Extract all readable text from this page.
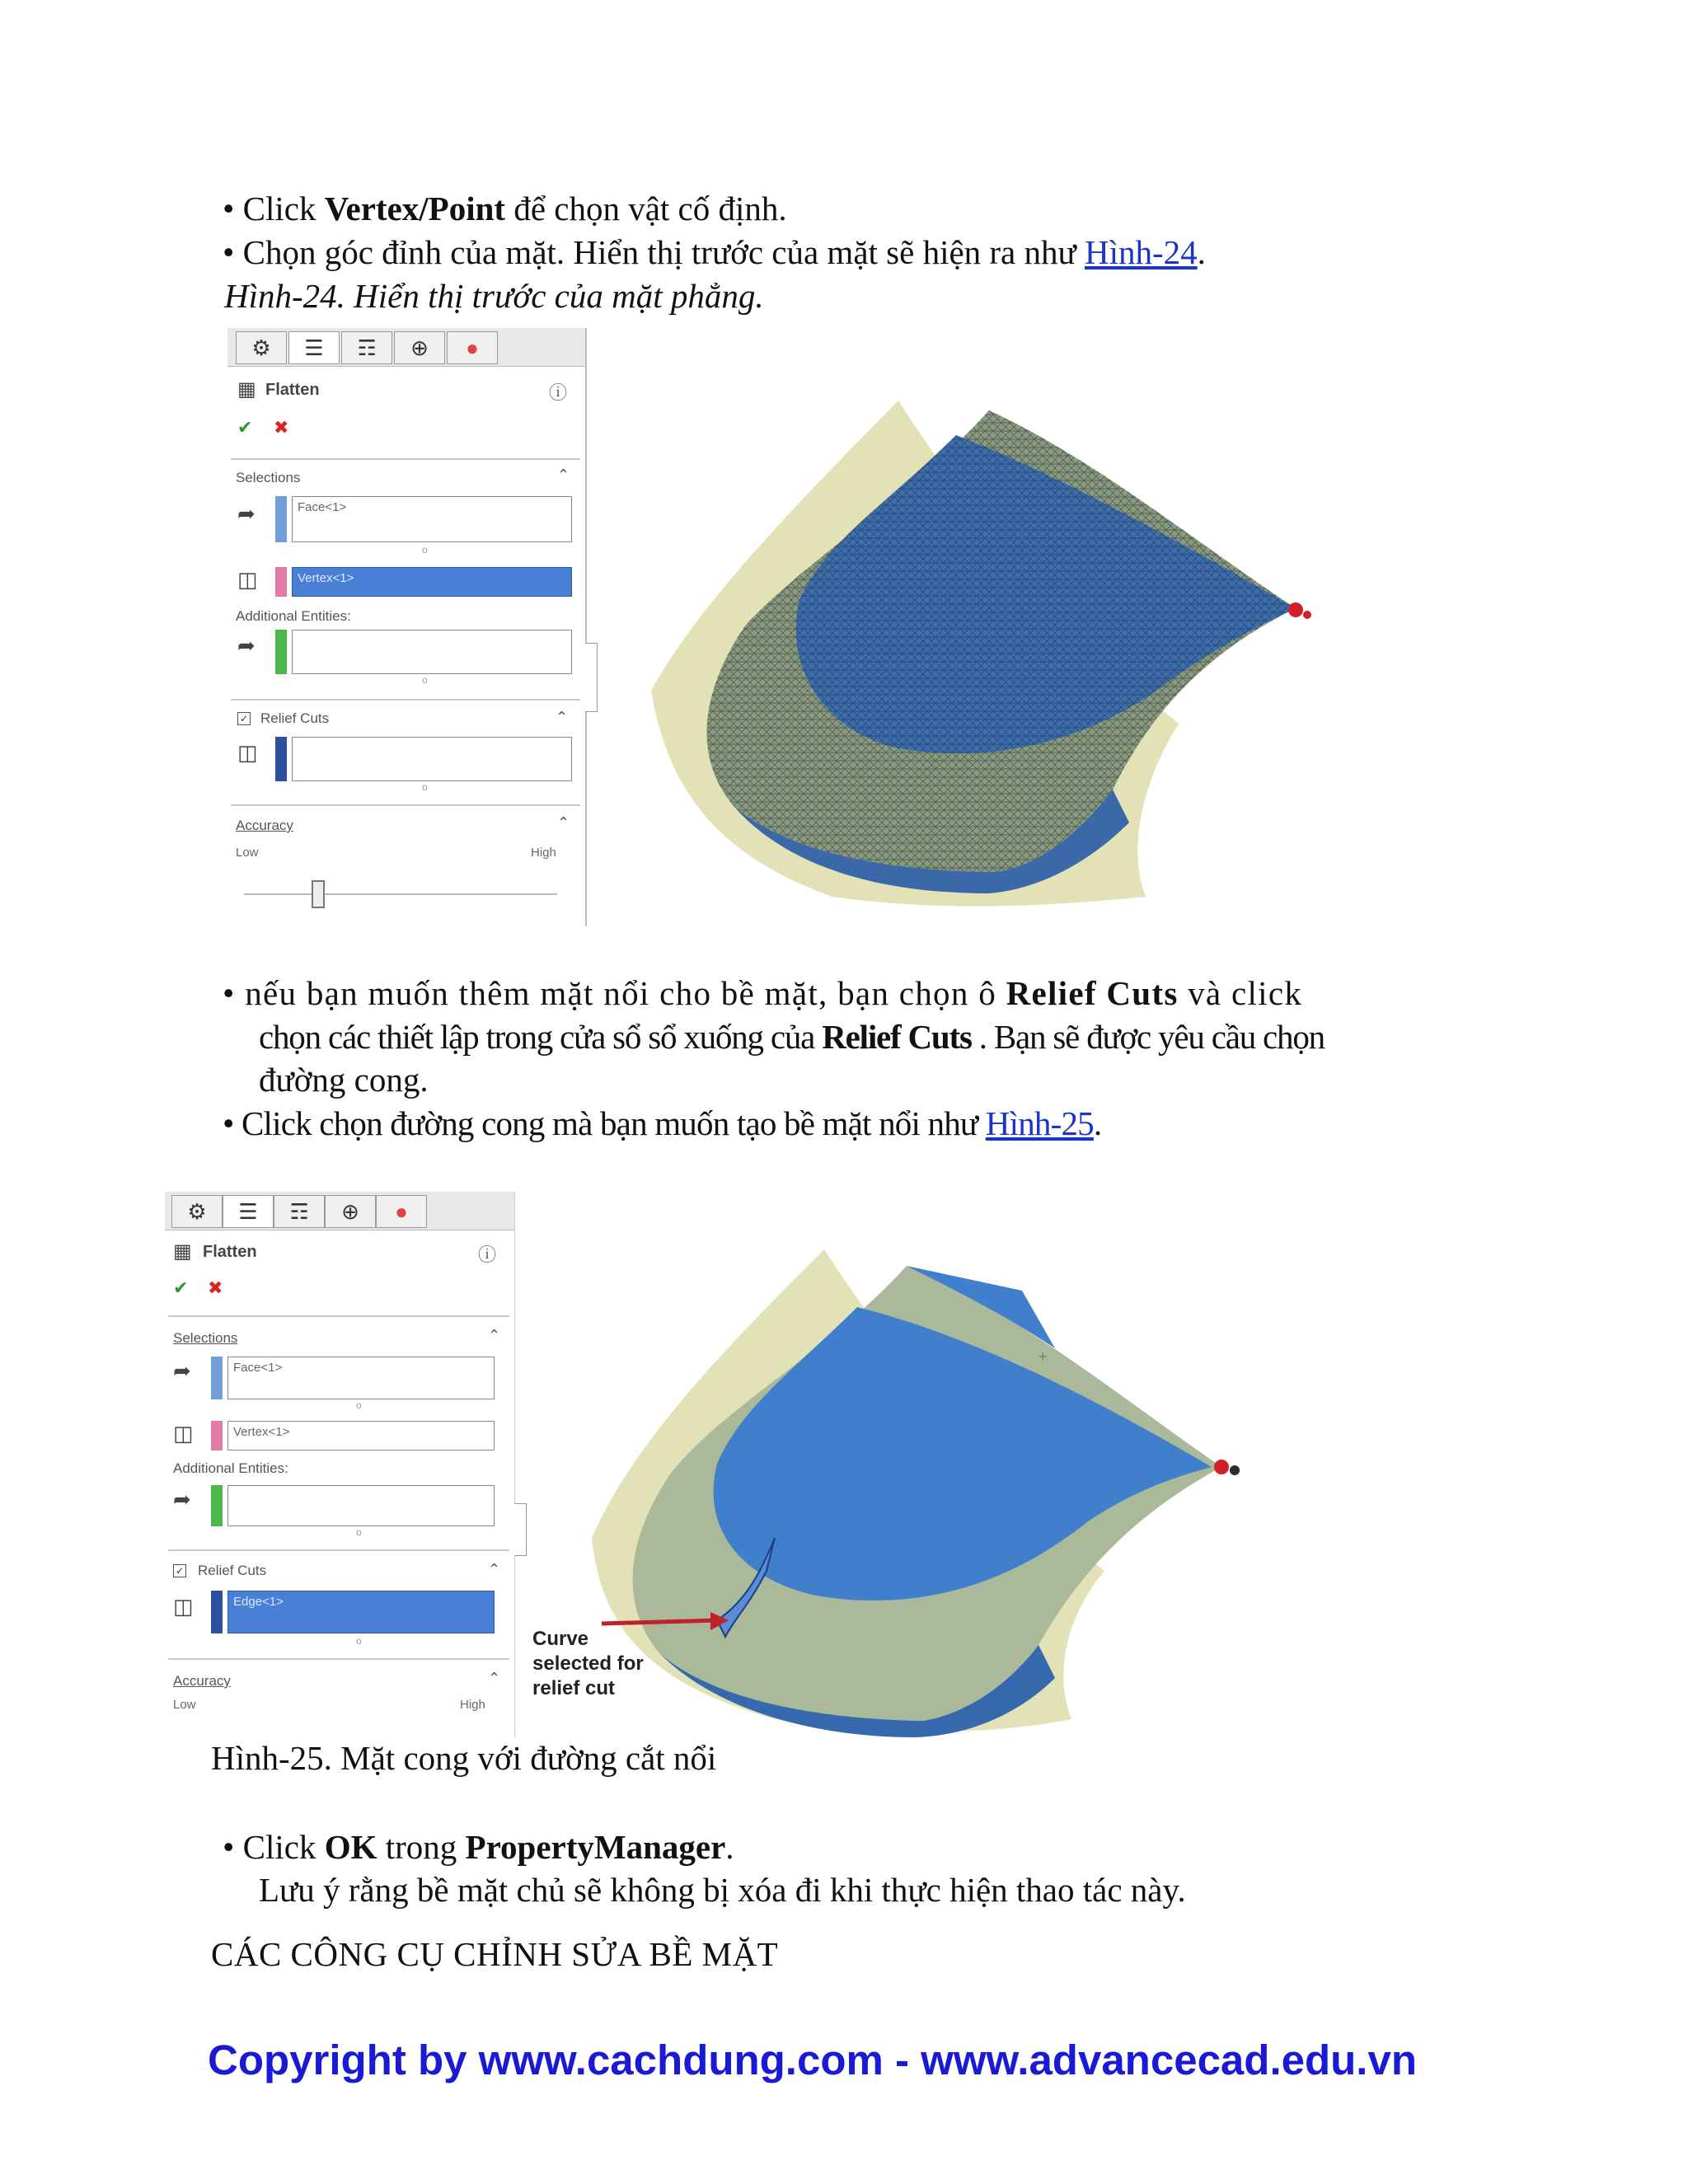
• Click Vertex/Point để chọn vật cố định.
• Chọn góc đỉnh của mặt. Hiển thị trước của mặt sẽ hiện ra như Hình-24.
Hình-24. Hiển thị trước của mặt phẳng.
⚙	☰	☶	⊕	●
▦ Flatten	ⓘ
✔ ✖
Selections	⌃
➦	Face<1>
o
◫	Vertex<1>
Additional Entities:
➦
o
✓ Relief Cuts	⌃
◫
o
Accuracy	⌃
Low	High
• nếu bạn muốn thêm mặt nổi cho bề mặt, bạn chọn ô Relief Cuts và click
chọn các thiết lập trong cửa sổ sổ xuống của Relief Cuts . Bạn sẽ được yêu cầu chọn
đường cong.
• Click chọn đường cong mà bạn muốn tạo bề mặt nổi như Hình-25.
⚙	☰	☶	⊕	●
▦ Flatten	ⓘ
✔ ✖
Selections	⌃
➦	Face<1>
o
◫	Vertex<1>
Additional Entities:
➦
o
✓ Relief Cuts	⌃
◫	Edge<1>
o
Accuracy	⌃
Low	High
+
Curve
selected for
relief cut
Hình-25. Mặt cong với đường cắt nổi
• Click OK trong PropertyManager.
Lưu ý rằng bề mặt chủ sẽ không bị xóa đi khi thực hiện thao tác này.
CÁC CÔNG CỤ CHỈNH SỬA BỀ MẶT
Copyright by www.cachdung.com - www.advancecad.edu.vn
